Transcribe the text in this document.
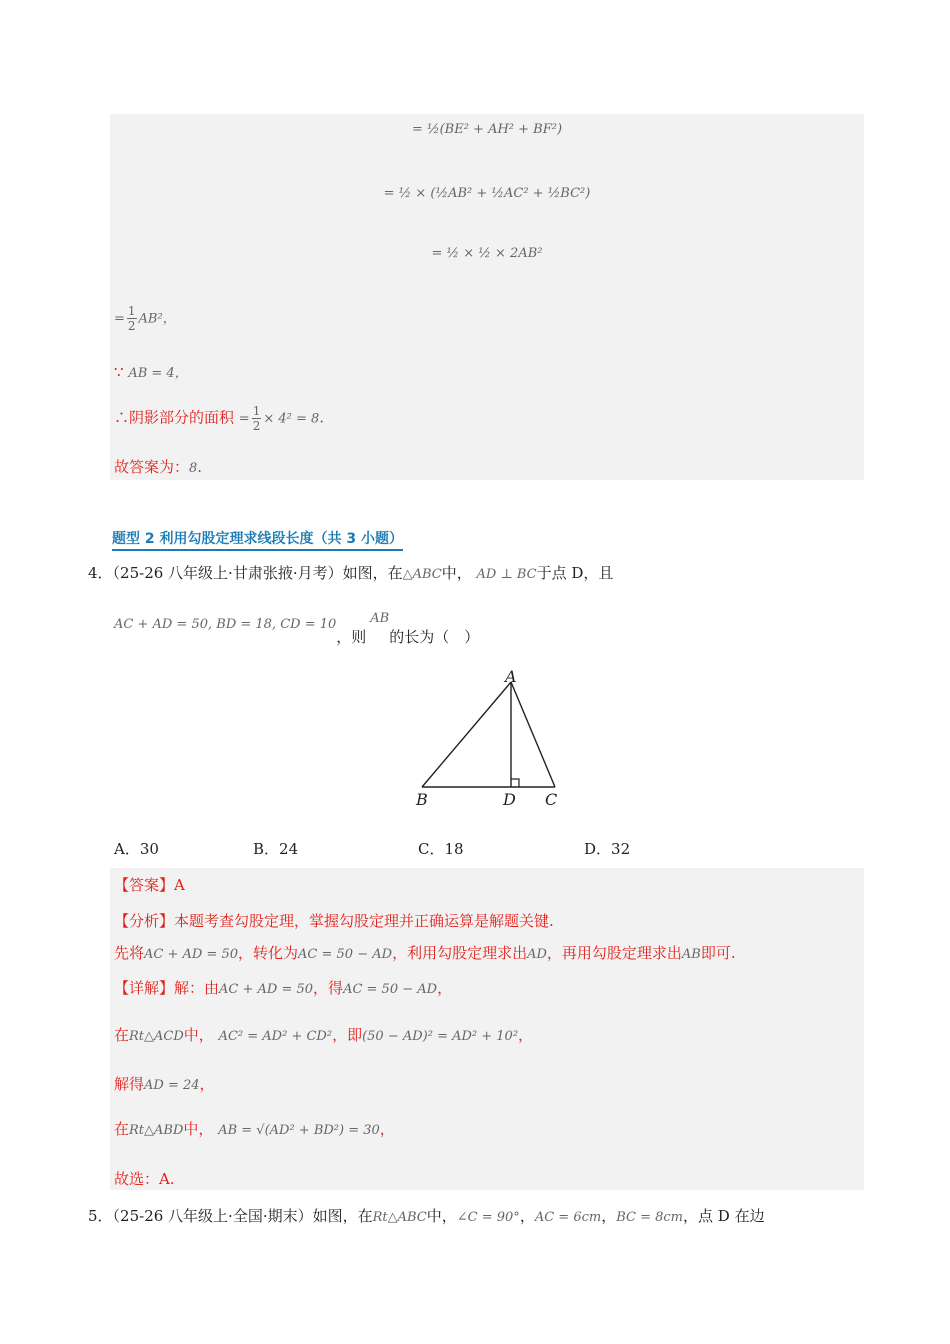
= ½(BE² + AH² + BF²)
= ½ × (½AB² + ½AC² + ½BC²)
= ½ × ½ × 2AB²
= $\frac{1}{2} AB^2$，
∵ AB = 4，
∴阴影部分的面积 = $\frac{1}{2} \times 4^2 = 8$.
故答案为：8.
题型 2 利用勾股定理求线段长度（共 3 小题）
4．（25-26 八年级上·甘肃张掖·月考）如图，在△ABC中， AD ⊥ BC于点 D，且
AC + AD = 50, BD = 18, CD = 10，则AB的长为（　）
A
B	D C
A．30	B．24	C．18	D．32
【答案】A
【分析】本题考查勾股定理，掌握勾股定理并正确运算是解题关键.
先将AC + AD = 50，转化为AC = 50 − AD，利用勾股定理求出AD，再用勾股定理求出AB即可.
【详解】解：由AC + AD = 50，得AC = 50 − AD，
在Rt△ACD中， AC² = AD² + CD²，即(50 − AD)² = AD² + 10²，
解得AD = 24，
在Rt△ABD中， AB = √(AD² + BD²) = 30，
故选：A.
5．（25-26 八年级上·全国·期末）如图，在Rt△ABC中，∠C = 90°，AC = 6cm，BC = 8cm，点 D 在边
